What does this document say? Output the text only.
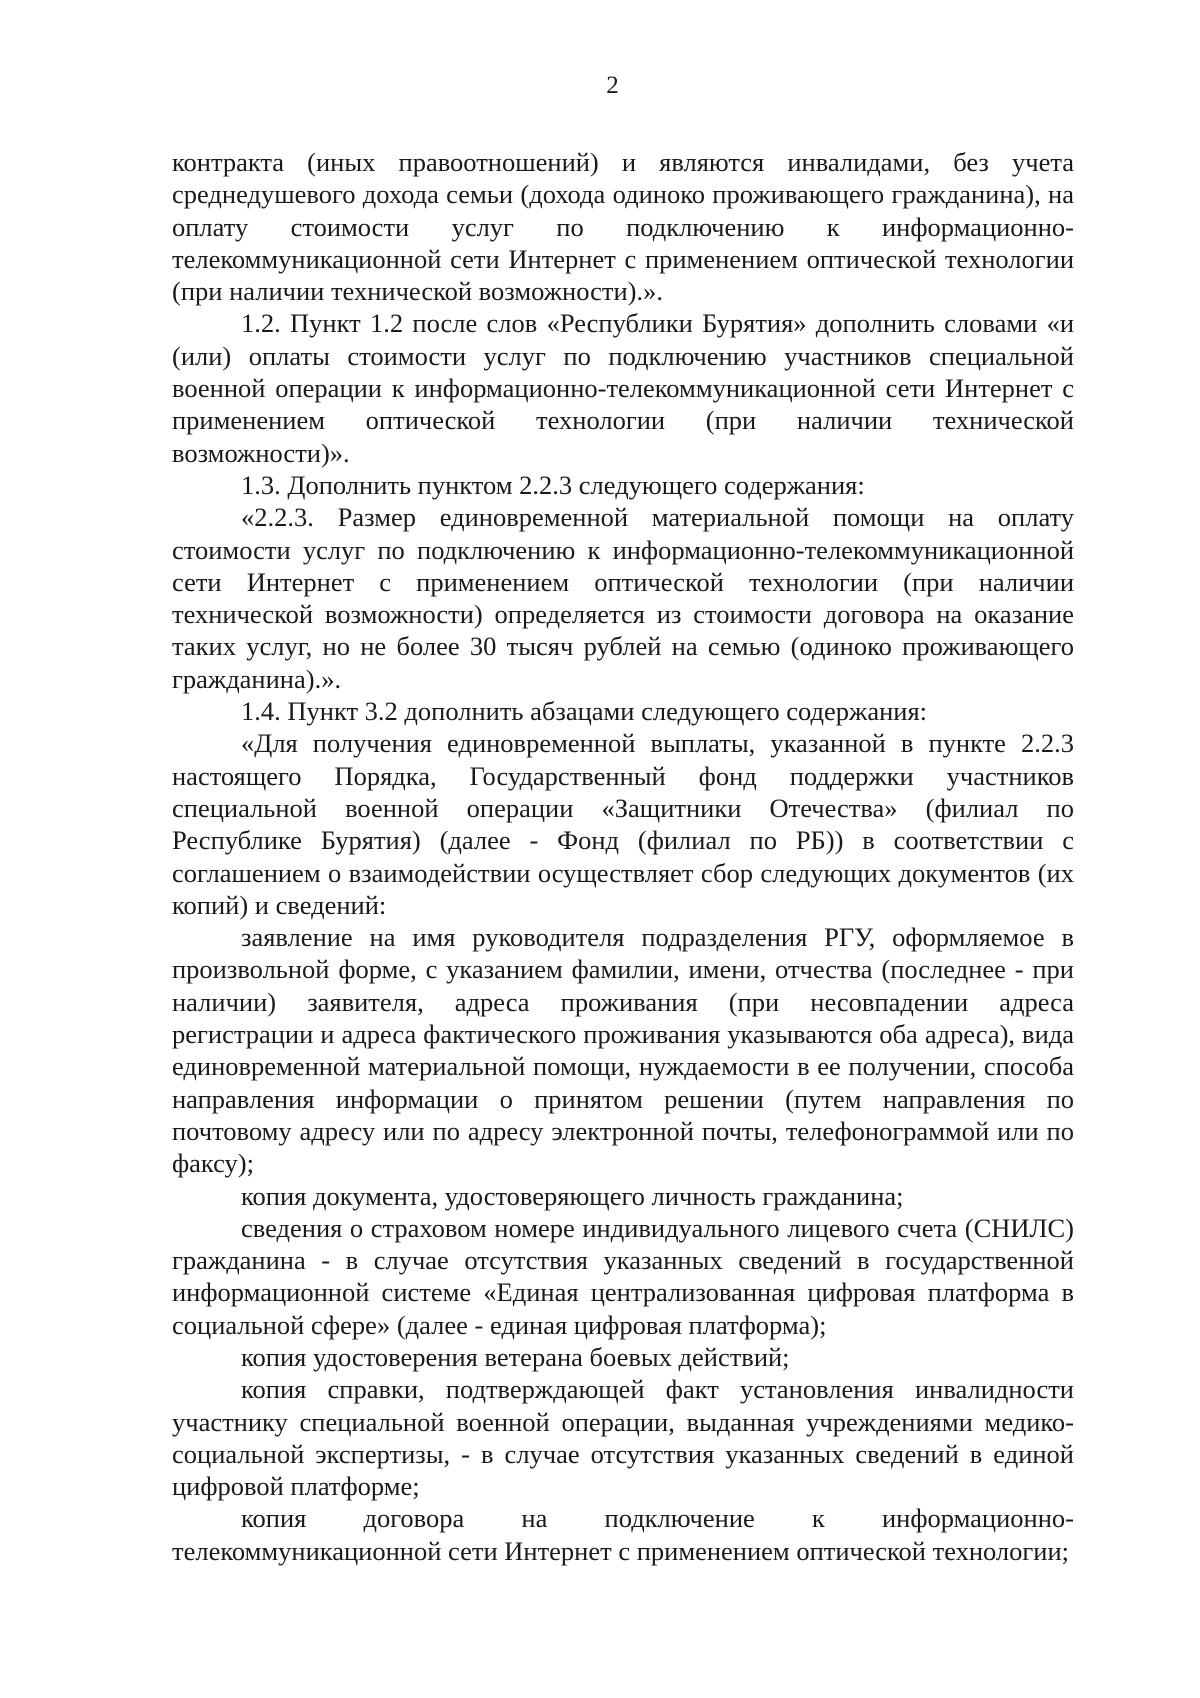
2

контракта (иных правоотношений) и являются инвалидами, без учета среднедушевого дохода семьи (дохода одиноко проживающего гражданина), на оплату стоимости услуг по подключению к информационно-телекоммуникационной сети Интернет с применением оптической технологии (при наличии технической возможности).».

1.2. Пункт 1.2 после слов «Республики Бурятия» дополнить словами «и (или) оплаты стоимости услуг по подключению участников специальной военной операции к информационно-телекоммуникационной сети Интернет с применением оптической технологии (при наличии технической возможности)».

1.3. Дополнить пунктом 2.2.3 следующего содержания:

«2.2.3. Размер единовременной материальной помощи на оплату стоимости услуг по подключению к информационно-телекоммуникационной сети Интернет с применением оптической технологии (при наличии технической возможности) определяется из стоимости договора на оказание таких услуг, но не более 30 тысяч рублей на семью (одиноко проживающего гражданина).».

1.4. Пункт 3.2 дополнить абзацами следующего содержания:

«Для получения единовременной выплаты, указанной в пункте 2.2.3 настоящего Порядка, Государственный фонд поддержки участников специальной военной операции «Защитники Отечества» (филиал по Республике Бурятия) (далее - Фонд (филиал по РБ)) в соответствии с соглашением о взаимодействии осуществляет сбор следующих документов (их копий) и сведений:

заявление на имя руководителя подразделения РГУ, оформляемое в произвольной форме, с указанием фамилии, имени, отчества (последнее - при наличии) заявителя, адреса проживания (при несовпадении адреса регистрации и адреса фактического проживания указываются оба адреса), вида единовременной материальной помощи, нуждаемости в ее получении, способа направления информации о принятом решении (путем направления по почтовому адресу или по адресу электронной почты, телефонограммой или по факсу);

копия документа, удостоверяющего личность гражданина;

сведения о страховом номере индивидуального лицевого счета (СНИЛС) гражданина - в случае отсутствия указанных сведений в государственной информационной системе «Единая централизованная цифровая платформа в социальной сфере» (далее - единая цифровая платформа);

копия удостоверения ветерана боевых действий;

копия справки, подтверждающей факт установления инвалидности участнику специальной военной операции, выданная учреждениями медико-социальной экспертизы, - в случае отсутствия указанных сведений в единой цифровой платформе;

копия договора на подключение к информационно-телекоммуникационной сети Интернет с применением оптической технологии;
